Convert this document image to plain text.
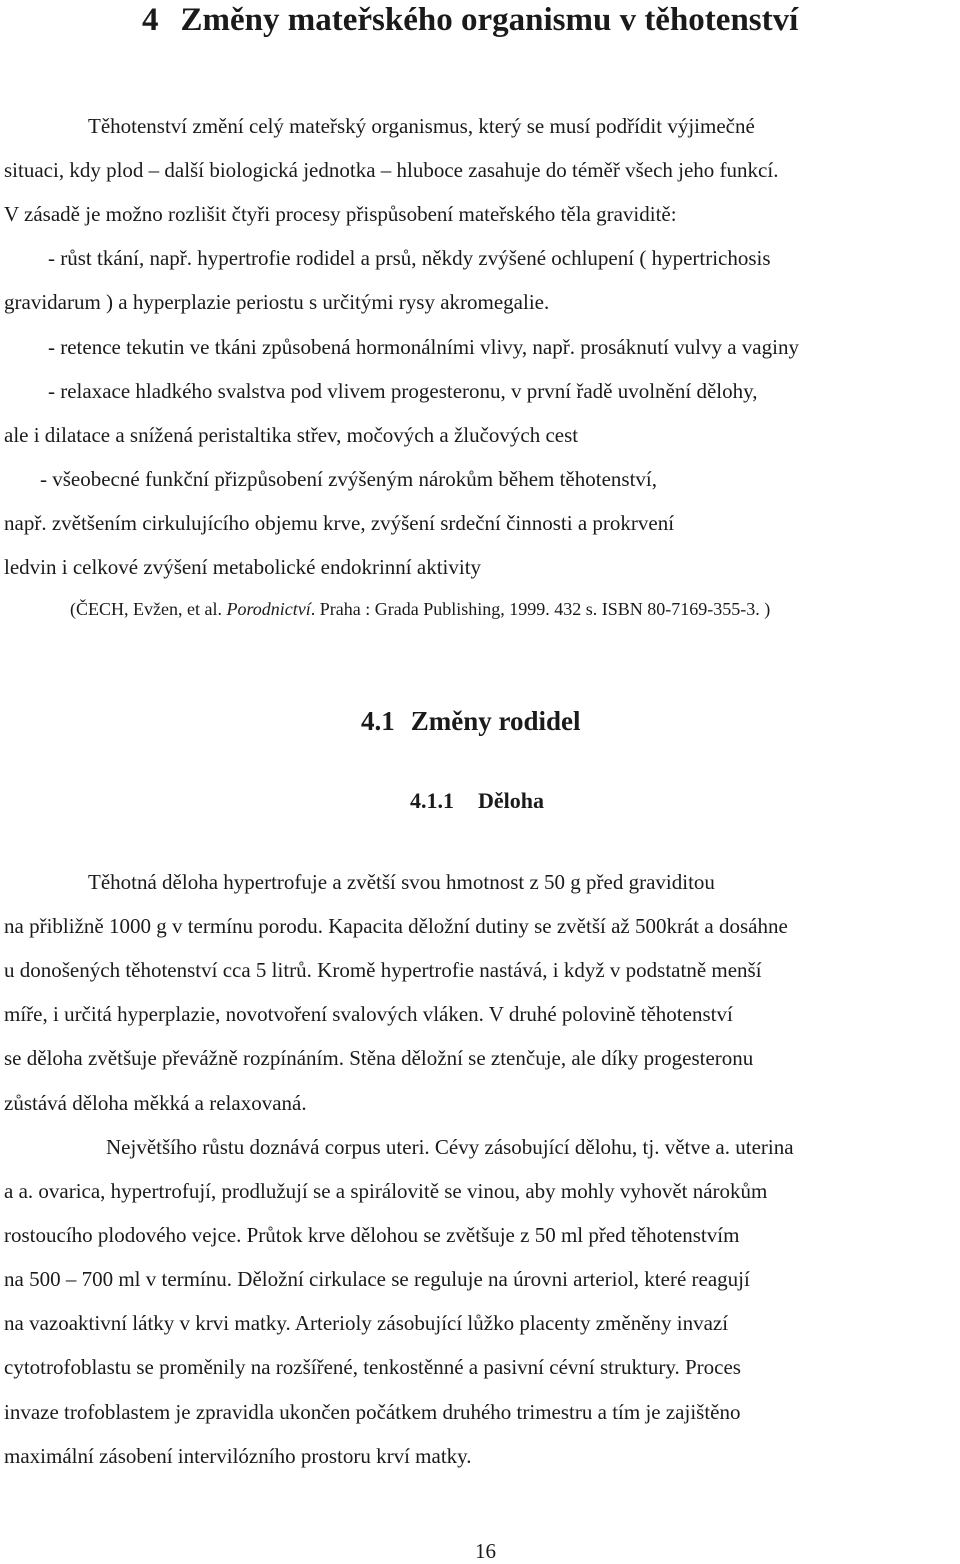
4 Změny mateřského organismu v těhotenství
Těhotenství změní celý mateřský organismus, který se musí podřídit výjimečné
situaci, kdy plod – další biologická jednotka – hluboce zasahuje do téměř všech jeho funkcí.
V zásadě je možno rozlišit čtyři procesy přispůsobení mateřského těla graviditě:
- růst tkání, např. hypertrofie rodidel a prsů, někdy zvýšené ochlupení ( hypertrichosis
gravidarum ) a hyperplazie periostu s určitými rysy akromegalie.
- retence tekutin ve tkáni způsobená hormonálními vlivy, např. prosáknutí vulvy a vaginy
- relaxace hladkého svalstva pod vlivem progesteronu, v první řadě uvolnění dělohy,
ale i dilatace a snížená peristaltika střev, močových a žlučových cest
- všeobecné funkční přizpůsobení zvýšeným nárokům během těhotenství,
např. zvětšením cirkulujícího objemu krve, zvýšení srdeční činnosti a prokrvení
ledvin i celkové zvýšení metabolické endokrinní aktivity
(ČECH, Evžen, et al. Porodnictví. Praha : Grada Publishing, 1999. 432 s. ISBN 80-7169-355-3. )
4.1 Změny rodidel
4.1.1 Děloha
Těhotná děloha hypertrofuje a zvětší svou hmotnost z 50 g před graviditou
na přibližně 1000 g v termínu porodu. Kapacita děložní dutiny se zvětší až 500krát a dosáhne
u donošených těhotenství cca 5 litrů. Kromě hypertrofie nastává, i když v podstatně menší
míře, i určitá hyperplazie, novotvoření svalových vláken. V druhé polovině těhotenství
se děloha zvětšuje převážně rozpínáním. Stěna děložní se ztenčuje, ale díky progesteronu
zůstává děloha měkká a relaxovaná.
Největšího růstu doznává corpus uteri. Cévy zásobující dělohu, tj. větve a. uterina
a a. ovarica, hypertrofují, prodlužují se a spirálovitě se vinou, aby mohly vyhovět nárokům
rostoucího plodového vejce. Průtok krve dělohou se zvětšuje z 50 ml před těhotenstvím
na 500 – 700 ml v termínu. Děložní cirkulace se reguluje na úrovni arteriol, které reagují
na vazoaktivní látky v krvi matky. Arterioly zásobující lůžko placenty změněny invazí
cytotrofoblastu se proměnily na rozšířené, tenkostěnné a pasivní cévní struktury. Proces
invaze trofoblastem je zpravidla ukončen počátkem druhého trimestru a tím je zajištěno
maximální zásobení intervilózního prostoru krví matky.
16
